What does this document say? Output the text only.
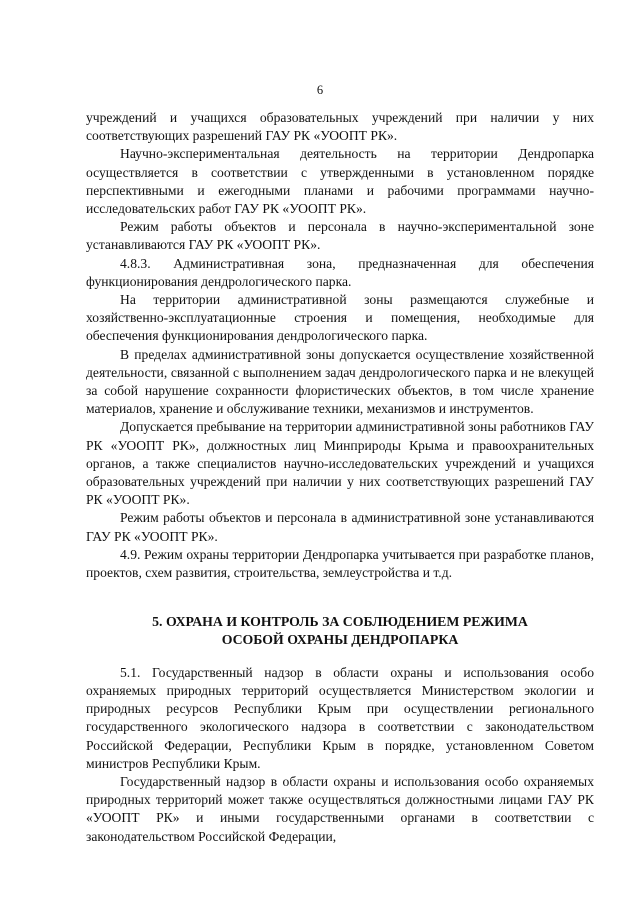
6

учреждений и учащихся образовательных учреждений при наличии у них соответствующих разрешений ГАУ РК «УООПТ РК».

Научно-экспериментальная деятельность на территории Дендропарка осуществляется в соответствии с утвержденными в установленном порядке перспективными и ежегодными планами и рабочими программами научно-исследовательских работ ГАУ РК «УООПТ РК».

Режим работы объектов и персонала в научно-экспериментальной зоне устанавливаются ГАУ РК «УООПТ РК».

4.8.3. Административная зона, предназначенная для обеспечения функционирования дендрологического парка.

На территории административной зоны размещаются служебные и хозяйственно-эксплуатационные строения и помещения, необходимые для обеспечения функционирования дендрологического парка.

В пределах административной зоны допускается осуществление хозяйственной деятельности, связанной с выполнением задач дендрологического парка и не влекущей за собой нарушение сохранности флористических объектов, в том числе хранение материалов, хранение и обслуживание техники, механизмов и инструментов.

Допускается пребывание на территории административной зоны работников ГАУ РК «УООПТ РК», должностных лиц Минприроды Крыма и правоохранительных органов, а также специалистов научно-исследовательских учреждений и учащихся образовательных учреждений при наличии у них соответствующих разрешений ГАУ РК «УООПТ РК».

Режим работы объектов и персонала в административной зоне устанавливаются ГАУ РК «УООПТ РК».

4.9. Режим охраны территории Дендропарка учитывается при разработке планов, проектов, схем развития, строительства, землеустройства и т.д.

5. ОХРАНА И КОНТРОЛЬ ЗА СОБЛЮДЕНИЕМ РЕЖИМА
ОСОБОЙ ОХРАНЫ ДЕНДРОПАРКА

5.1. Государственный надзор в области охраны и использования особо охраняемых природных территорий осуществляется Министерством экологии и природных ресурсов Республики Крым при осуществлении регионального государственного экологического надзора в соответствии с законодательством Российской Федерации, Республики Крым в порядке, установленном Советом министров Республики Крым.

Государственный надзор в области охраны и использования особо охраняемых природных территорий может также осуществляться должностными лицами ГАУ РК «УООПТ РК» и иными государственными органами в соответствии с законодательством Российской Федерации,
